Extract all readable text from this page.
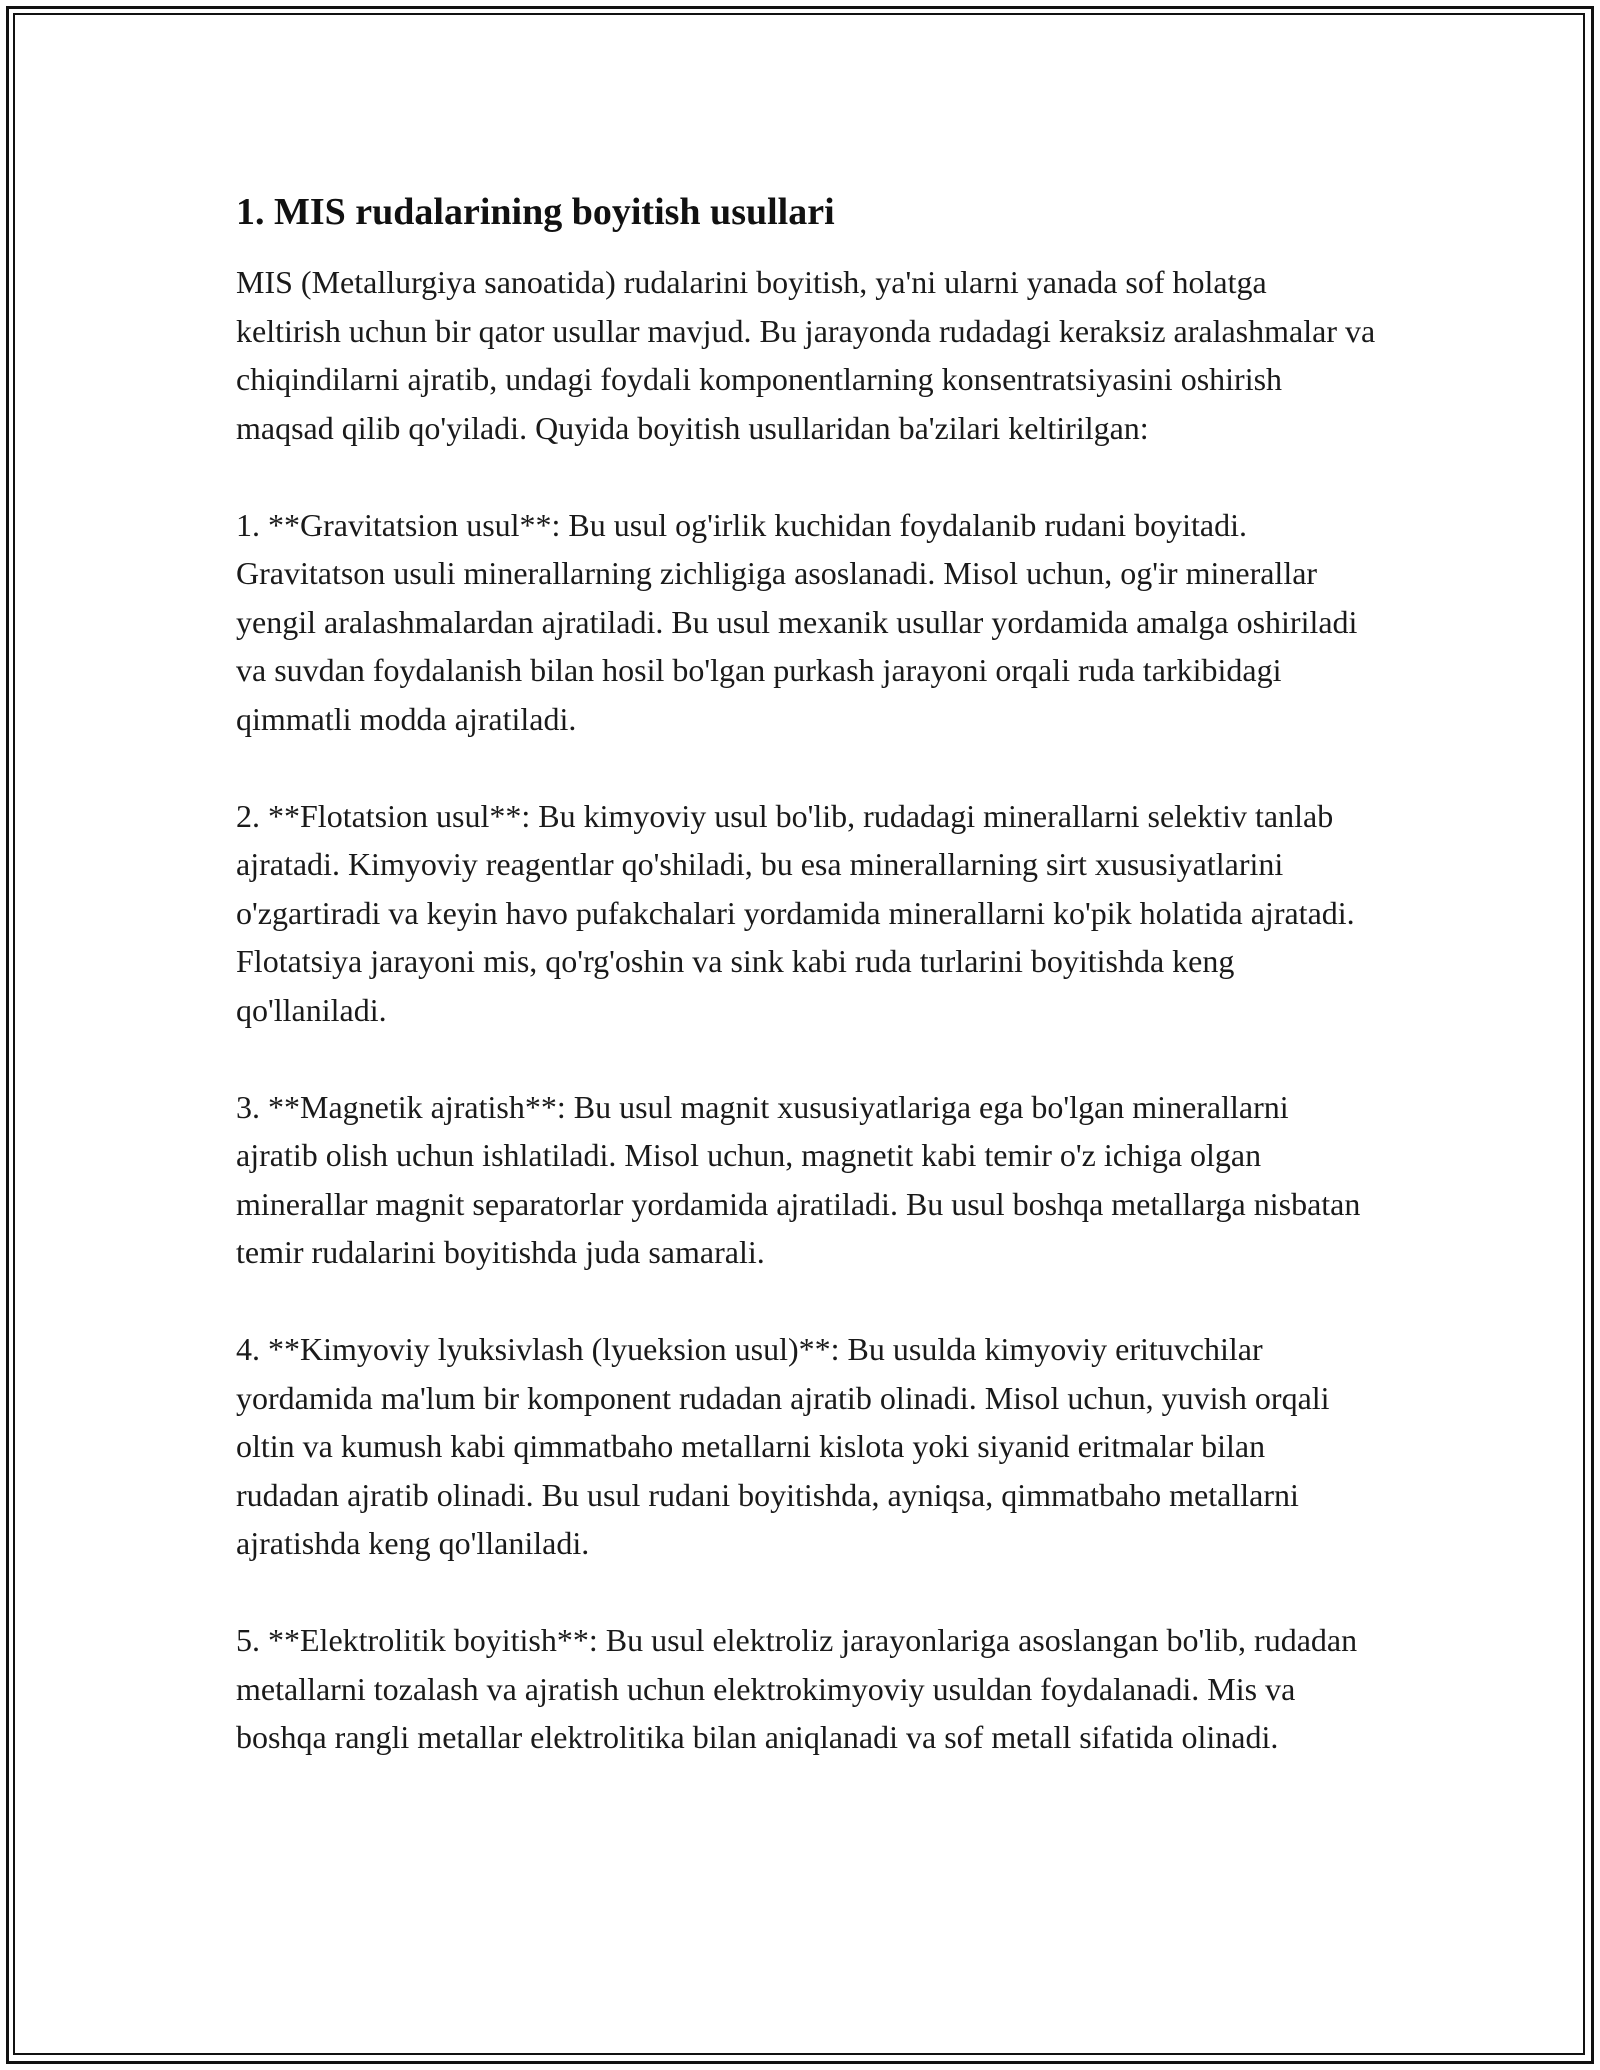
1. MIS rudalarining boyitish usullari

MIS (Metallurgiya sanoatida) rudalarini boyitish, ya'ni ularni yanada sof holatga keltirish uchun bir qator usullar mavjud. Bu jarayonda rudadagi keraksiz aralashmalar va chiqindilarni ajratib, undagi foydali komponentlarning konsentratsiyasini oshirish maqsad qilib qo'yiladi. Quyida boyitish usullaridan ba'zilari keltirilgan:

1. **Gravitatsion usul**: Bu usul og'irlik kuchidan foydalanib rudani boyitadi. Gravitatson usuli minerallarning zichligiga asoslanadi. Misol uchun, og'ir minerallar yengil aralashmalardan ajratiladi. Bu usul mexanik usullar yordamida amalga oshiriladi va suvdan foydalanish bilan hosil bo'lgan purkash jarayoni orqali ruda tarkibidagi qimmatli modda ajratiladi.

2. **Flotatsion usul**: Bu kimyoviy usul bo'lib, rudadagi minerallarni selektiv tanlab ajratadi. Kimyoviy reagentlar qo'shiladi, bu esa minerallarning sirt xususiyatlarini o'zgartiradi va keyin havo pufakchalari yordamida minerallarni ko'pik holatida ajratadi. Flotatsiya jarayoni mis, qo'rg'oshin va sink kabi ruda turlarini boyitishda keng qo'llaniladi.

3. **Magnetik ajratish**: Bu usul magnit xususiyatlariga ega bo'lgan minerallarni ajratib olish uchun ishlatiladi. Misol uchun, magnetit kabi temir o'z ichiga olgan minerallar magnit separatorlar yordamida ajratiladi. Bu usul boshqa metallarga nisbatan temir rudalarini boyitishda juda samarali.

4. **Kimyoviy lyuksivlash (lyueksion usul)**: Bu usulda kimyoviy erituvchilar yordamida ma'lum bir komponent rudadan ajratib olinadi. Misol uchun, yuvish orqali oltin va kumush kabi qimmatbaho metallarni kislota yoki siyanid eritmalar bilan rudadan ajratib olinadi. Bu usul rudani boyitishda, ayniqsa, qimmatbaho metallarni ajratishda keng qo'llaniladi.

5. **Elektrolitik boyitish**: Bu usul elektroliz jarayonlariga asoslangan bo'lib, rudadan metallarni tozalash va ajratish uchun elektrokimyoviy usuldan foydalanadi. Mis va boshqa rangli metallar elektrolitika bilan aniqlanadi va sof metall sifatida olinadi.
